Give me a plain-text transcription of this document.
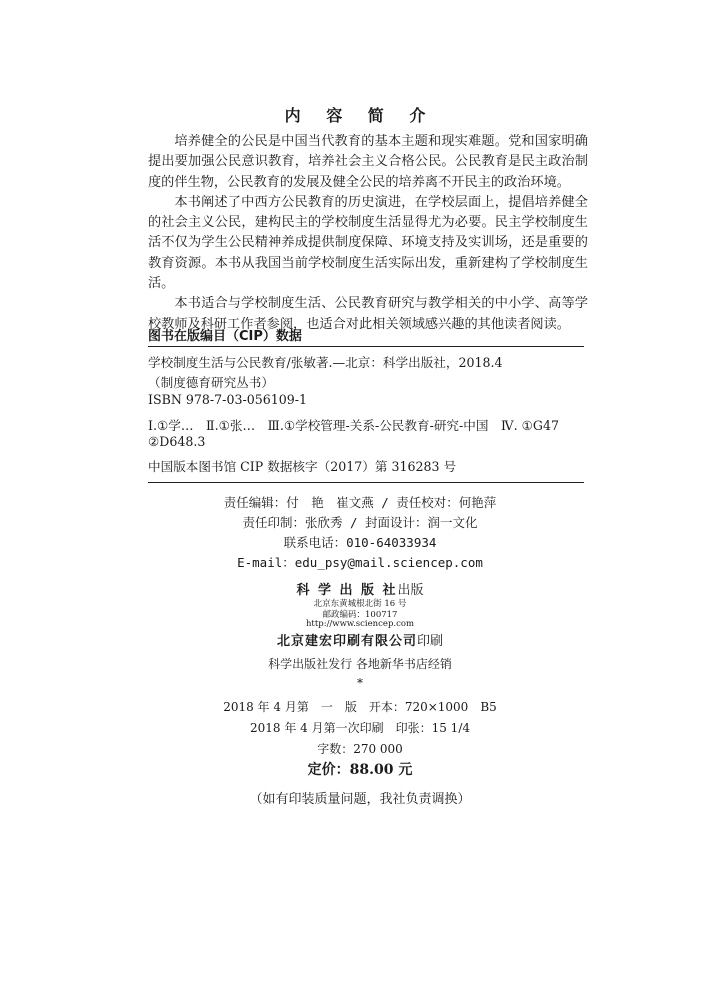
内 容 简 介

培养健全的公民是中国当代教育的基本主题和现实难题。党和国家明确提出要加强公民意识教育，培养社会主义合格公民。公民教育是民主政治制度的伴生物，公民教育的发展及健全公民的培养离不开民主的政治环境。

本书阐述了中西方公民教育的历史演进，在学校层面上，提倡培养健全的社会主义公民，建构民主的学校制度生活显得尤为必要。民主学校制度生活不仅为学生公民精神养成提供制度保障、环境支持及实训场，还是重要的教育资源。本书从我国当前学校制度生活实际出发，重新建构了学校制度生活。

本书适合与学校制度生活、公民教育研究与教学相关的中小学、高等学校教师及科研工作者参阅，也适合对此相关领域感兴趣的其他读者阅读。

图书在版编目（CIP）数据
学校制度生活与公民教育/张敏著.—北京：科学出版社，2018.4
（制度德育研究丛书）
ISBN 978-7-03-056109-1
Ⅰ.①学…　Ⅱ.①张…　Ⅲ.①学校管理-关系-公民教育-研究-中国　Ⅳ. ①G47
②D648.3
中国版本图书馆 CIP 数据核字（2017）第 316283 号
责任编辑：付　艳　崔文燕 / 责任校对：何艳萍
责任印制：张欣秀 / 封面设计：润一文化
联系电话：010-64033934
E-mail：edu_psy@mail.sciencep.com
科 学 出 版 社出版
北京东黄城根北街 16 号
邮政编码：100717
http://www.sciencep.com
北京建宏印刷有限公司印刷
科学出版社发行 各地新华书店经销
*
2018 年 4 月第　一　版　开本：720×1000　B5
2018 年 4 月第一次印刷　印张：15 1/4
字数：270 000
定价：88.00 元
（如有印装质量问题，我社负责调换）
